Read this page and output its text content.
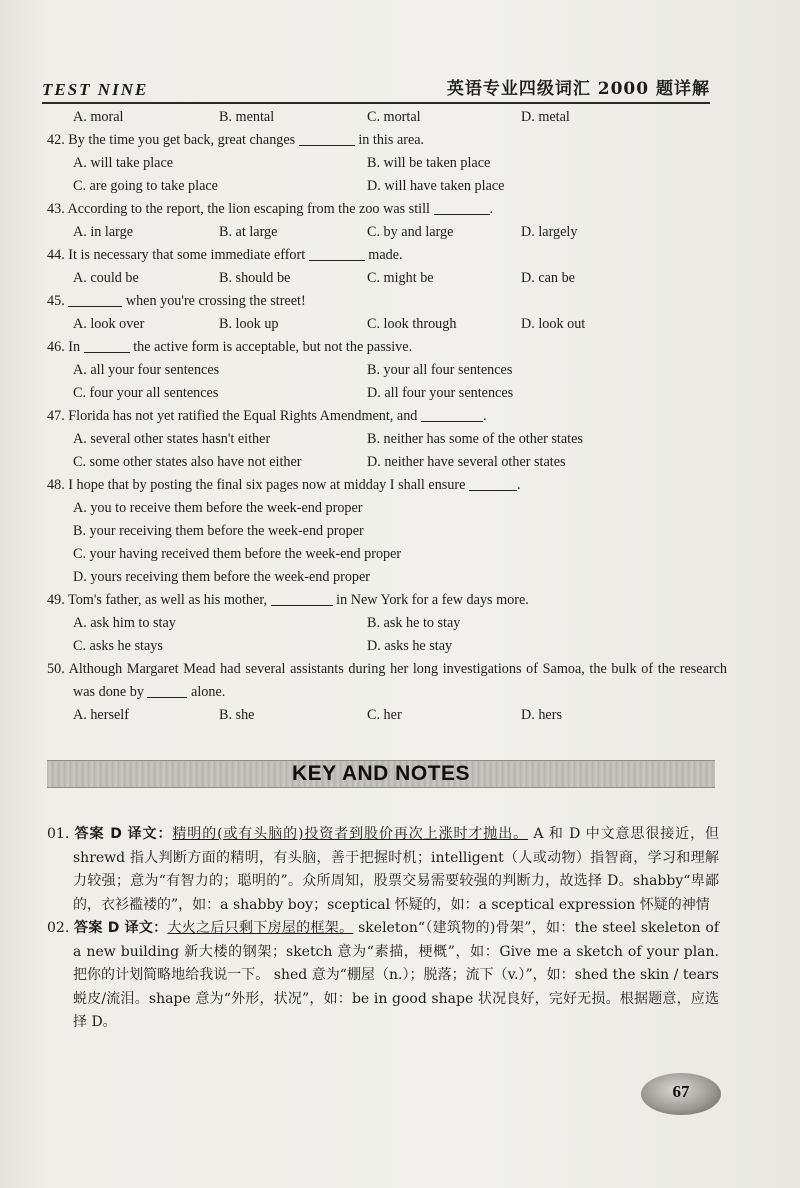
TEST NINE	英语专业四级词汇 2000 题详解
A. moral	B. mental	C. mortal	D. metal
42. By the time you get back, great changes	in this area.
A. will take place	B. will be taken place
C. are going to take place	D. will have taken place
43. According to the report, the lion escaping from the zoo was still	.
A. in large	B. at large	C. by and large	D. largely
44. It is necessary that some immediate effort	made.
A. could be	B. should be	C. might be	D. can be
45.	when you're crossing the street!
A. look over	B. look up	C. look through	D. look out
46. In	the active form is acceptable, but not the passive.
A. all your four sentences	B. your all four sentences
C. four your all sentences	D. all four your sentences
47. Florida has not yet ratified the Equal Rights Amendment, and	.
A. several other states hasn't either	B. neither has some of the other states
C. some other states also have not either	D. neither have several other states
48. I hope that by posting the final six pages now at midday I shall ensure	.
A. you to receive them before the week-end proper
B. your receiving them before the week-end proper
C. your having received them before the week-end proper
D. yours receiving them before the week-end proper
49. Tom's father, as well as his mother,	in New York for a few days more.
A. ask him to stay	B. ask he to stay
C. asks he stays	D. asks he stay
50. Although Margaret Mead had several assistants during her long investigations of Samoa, the bulk of the research was done by	alone.
A. herself	B. she	C. her	D. hers
KEY AND NOTES
01. 答案 D 译文：精明的(或有头脑的)投资者到股价再次上涨时才抛出。 A 和 D 中文意思很接近，但 shrewd 指人判断方面的精明，有头脑，善于把握时机；intelligent（人或动物）指智商，学习和理解力较强；意为“有智力的；聪明的”。众所周知，股票交易需要较强的判断力，故选择 D。shabby“卑鄙的，衣衫褴褛的”，如：a shabby boy；sceptical 怀疑的，如：a sceptical expression 怀疑的神情
02. 答案 D 译文：大火之后只剩下房屋的框架。 skeleton“（建筑物的)骨架”，如：the steel skeleton of a new building 新大楼的钢架；sketch 意为“素描，梗概”，如：Give me a sketch of your plan. 把你的计划简略地给我说一下。 shed 意为“棚屋（n.）；脱落；流下（v.）”，如：shed the skin / tears 蜕皮/流泪。shape 意为“外形，状况”，如：be in good shape 状况良好，完好无损。根据题意，应选择 D。
67
